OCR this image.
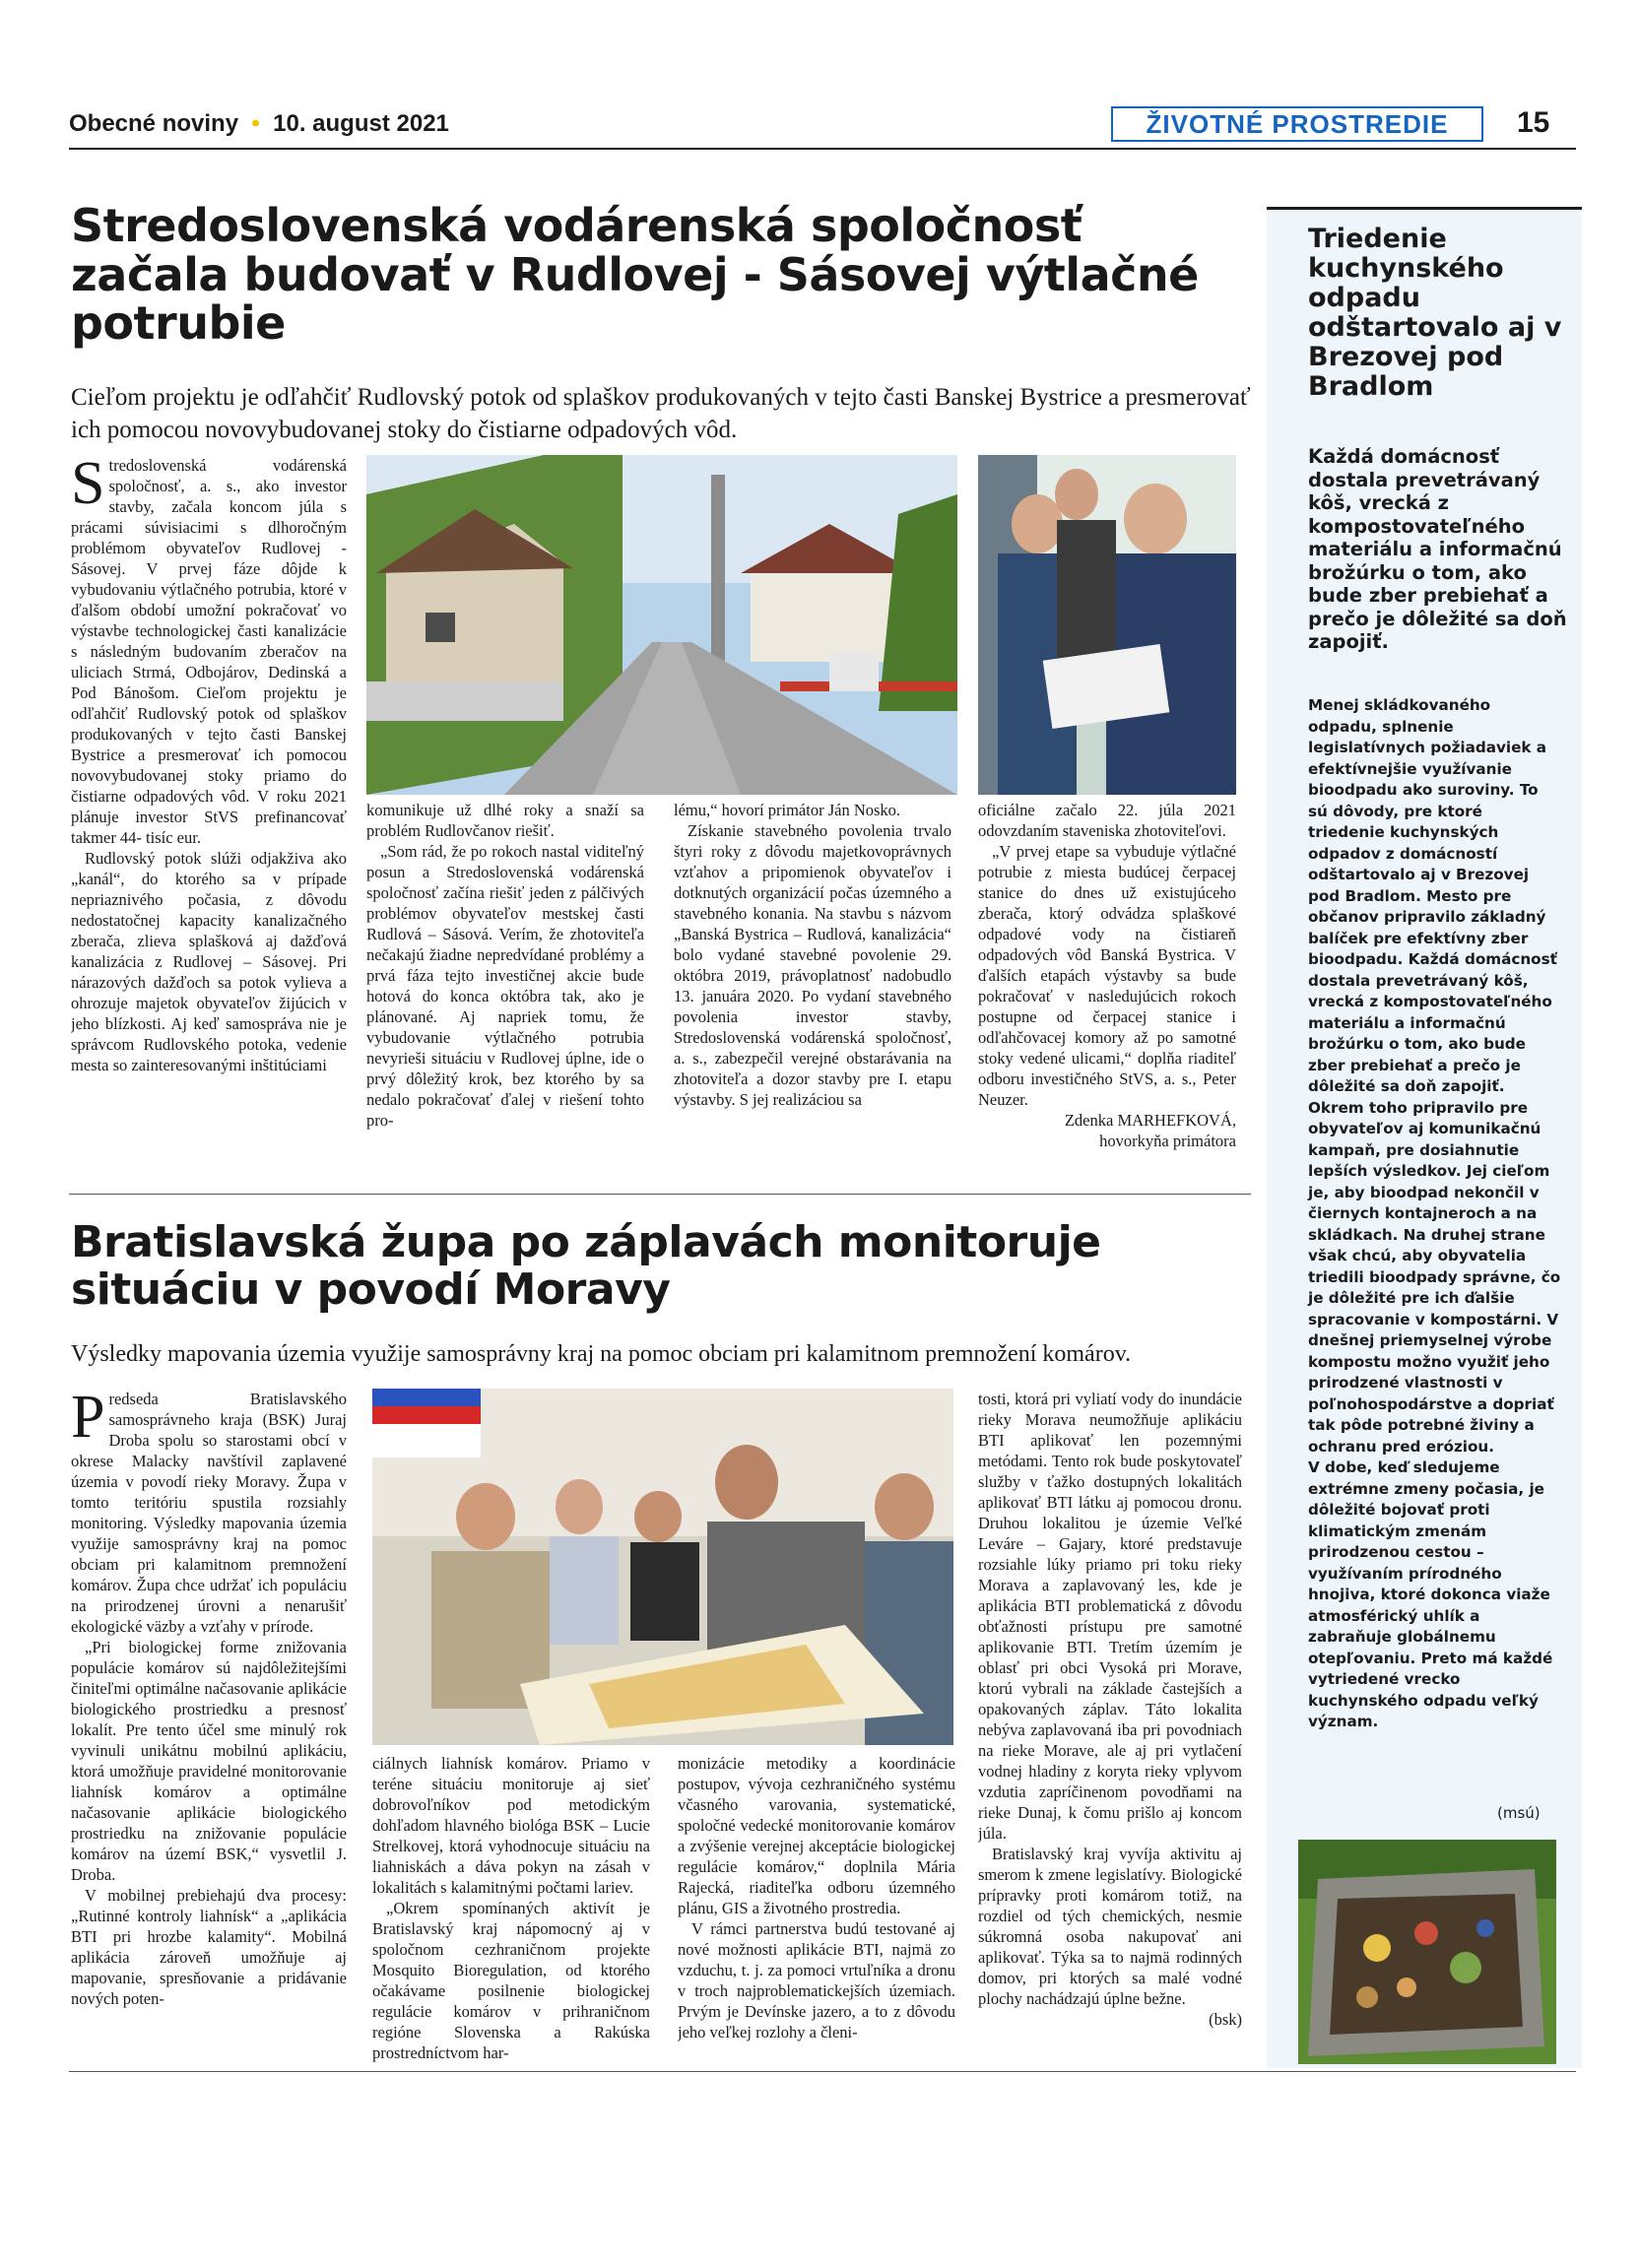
Obecné noviny  •  10. august 2021	ŽIVOTNÉ PROSTREDIE	15
Stredoslovenská vodárenská spoločnosť začala budovať v Rudlovej - Sásovej výtlačné potrubie

Cieľom projektu je odľahčiť Rudlovský potok od splaškov produkovaných v tejto časti Banskej Bystrice a presmerovať ich pomocou novovybudovanej stoky do čistiarne odpadových vôd.

Stredoslovenská vodárenská spoločnosť, a. s., ako investor stavby, začala koncom júla s prácami súvisiacimi s dlhoročným problémom obyvateľov Rudlovej - Sásovej. V prvej fáze dôjde k vybudovaniu výtlačného potrubia, ktoré v ďalšom období umožní pokračovať vo výstavbe technologickej časti kanalizácie s následným budovaním zberačov na uliciach Strmá, Odbojárov, Dedinská a Pod Bánošom. Cieľom projektu je odľahčiť Rudlovský potok od splaškov produkovaných v tejto časti Banskej Bystrice a presmerovať ich pomocou novovybudovanej stoky priamo do čistiarne odpadových vôd. V roku 2021 plánuje investor StVS prefinancovať takmer 44- tisíc eur.

Rudlovský potok slúži odjakživa ako „kanál“, do ktorého sa v prípade nepriaznivého počasia, z dôvodu nedostatočnej kapacity kanalizačného zberača, zlieva splašková aj dažďová kanalizácia z Rudlovej – Sásovej. Pri nárazových dažďoch sa potok vylieva a ohrozuje majetok obyvateľov žijúcich v jeho blízkosti. Aj keď samospráva nie je správcom Rudlovského potoka, vedenie mesta so zainteresovanými inštitúciami

komunikuje už dlhé roky a snaží sa problém Rudlovčanov riešiť.

„Som rád, že po rokoch nastal viditeľný posun a Stredoslovenská vodárenská spoločnosť začína riešiť jeden z pálčivých problémov obyvateľov mestskej časti Rudlová – Sásová. Verím, že zhotoviteľa nečakajú žiadne nepredvídané problémy a prvá fáza tejto investičnej akcie bude hotová do konca októbra tak, ako je plánované. Aj napriek tomu, že vybudovanie výtlačného potrubia nevyrieši situáciu v Rudlovej úplne, ide o prvý dôležitý krok, bez ktorého by sa nedalo pokračovať ďalej v riešení tohto pro-

lému,“ hovorí primátor Ján Nosko.

Získanie stavebného povolenia trvalo štyri roky z dôvodu majetkovoprávnych vzťahov a pripomienok obyvateľov i dotknutých organizácií počas územného a stavebného konania. Na stavbu s názvom „Banská Bystrica – Rudlová, kanalizácia“ bolo vydané stavebné povolenie 29. októbra 2019, právoplatnosť nadobudlo 13. januára 2020. Po vydaní stavebného povolenia investor stavby, Stredoslovenská vodárenská spoločnosť, a. s., zabezpečil verejné obstarávania na zhotoviteľa a dozor stavby pre I. etapu výstavby. S jej realizáciou sa

oficiálne začalo 22. júla 2021 odovzdaním staveniska zhotoviteľovi.

„V prvej etape sa vybuduje výtlačné potrubie z miesta budúcej čerpacej stanice do dnes už existujúceho zberača, ktorý odvádza splaškové odpadové vody na čistiareň odpadových vôd Banská Bystrica. V ďalších etapách výstavby sa bude pokračovať v nasledujúcich rokoch postupne od čerpacej stanice i odľahčovacej komory až po samotné stoky vedené ulicami,“ doplňa riaditeľ odboru investičného StVS, a. s., Peter Neuzer.

Zdenka MARHEFKOVÁ,

hovorkyňa primátora

Bratislavská župa po záplavách monitoruje situáciu v povodí Moravy

Výsledky mapovania územia využije samosprávny kraj na pomoc obciam pri kalamitnom premnožení komárov.

Predseda Bratislavského samosprávneho kraja (BSK) Juraj Droba spolu so starostami obcí v okrese Malacky navštívil zaplavené územia v povodí rieky Moravy. Župa v tomto teritóriu spustila rozsiahly monitoring. Výsledky mapovania územia využije samosprávny kraj na pomoc obciam pri kalamitnom premnožení komárov. Župa chce udržať ich populáciu na prirodzenej úrovni a nenarušiť ekologické väzby a vzťahy v prírode.

„Pri biologickej forme znižovania populácie komárov sú najdôležitejšími činiteľmi optimálne načasovanie aplikácie biologického prostriedku a presnosť lokalít. Pre tento účel sme minulý rok vyvinuli unikátnu mobilnú aplikáciu, ktorá umožňuje pravidelné monitorovanie liahnísk komárov a optimálne načasovanie aplikácie biologického prostriedku na znižovanie populácie komárov na území BSK,“ vysvetlil J. Droba.

V mobilnej prebiehajú dva procesy: „Rutinné kontroly liahnísk“ a „aplikácia BTI pri hrozbe kalamity“. Mobilná aplikácia zároveň umožňuje aj mapovanie, spresňovanie a pridávanie nových poten-

ciálnych liahnísk komárov. Priamo v teréne situáciu monitoruje aj sieť dobrovoľníkov pod metodickým dohľadom hlavného biológa BSK – Lucie Strelkovej, ktorá vyhodnocuje situáciu na liahniskách a dáva pokyn na zásah v lokalitách s kalamitnými počtami lariev.

„Okrem spomínaných aktivít je Bratislavský kraj nápomocný aj v spoločnom cezhraničnom projekte Mosquito Bioregulation, od ktorého očakávame posilnenie biologickej regulácie komárov v prihraničnom regióne Slovenska a Rakúska prostredníctvom har-

monizácie metodiky a koordinácie postupov, vývoja cezhraničného systému včasného varovania, systematické, spoločné vedecké monitorovanie komárov a zvýšenie verejnej akceptácie biologickej regulácie komárov,“ doplnila Mária Rajecká, riaditeľka odboru územného plánu, GIS a životného prostredia.

V rámci partnerstva budú testované aj nové možnosti aplikácie BTI, najmä zo vzduchu, t. j. za pomoci vrtuľníka a dronu v troch najproblematickejších územiach. Prvým je Devínske jazero, a to z dôvodu jeho veľkej rozlohy a členi-

tosti, ktorá pri vyliatí vody do inundácie rieky Morava neumožňuje aplikáciu BTI aplikovať len pozemnými metódami. Tento rok bude poskytovateľ služby v ťažko dostupných lokalitách aplikovať BTI látku aj pomocou dronu. Druhou lokalitou je územie Veľké Leváre – Gajary, ktoré predstavuje rozsiahle lúky priamo pri toku rieky Morava a zaplavovaný les, kde je aplikácia BTI problematická z dôvodu obťažnosti prístupu pre samotné aplikovanie BTI. Tretím územím je oblasť pri obci Vysoká pri Morave, ktorú vybrali na základe častejších a opakovaných záplav. Táto lokalita nebýva zaplavovaná iba pri povodniach na rieke Morave, ale aj pri vytlačení vodnej hladiny z koryta rieky vplyvom vzdutia zapríčinenom povodňami na rieke Dunaj, k čomu prišlo aj koncom júla.

Bratislavský kraj vyvíja aktivitu aj smerom k zmene legislatívy. Biologické prípravky proti komárom totiž, na rozdiel od tých chemických, nesmie súkromná osoba nakupovať ani aplikovať. Týka sa to najmä rodinných domov, pri ktorých sa malé vodné plochy nachádzajú úplne bežne.

(bsk)

Triedenie kuchynského odpadu odštartovalo aj v Brezovej pod Bradlom

Každá domácnosť dostala prevetrávaný kôš, vrecká z kompostovateľného materiálu a informačnú brožúrku o tom, ako bude zber prebiehať a prečo je dôležité sa doň zapojiť.

Menej skládkovaného odpadu, splnenie legislatívnych požiadaviek a efektívnejšie využívanie bioodpadu ako suroviny. To sú dôvody, pre ktoré triedenie kuchynských odpadov z domácností odštartovalo aj v Brezovej pod Bradlom. Mesto pre občanov pripravilo základný balíček pre efektívny zber bioodpadu. Každá domácnosť dostala prevetrávaný kôš, vrecká z kompostovateľného materiálu a informačnú brožúrku o tom, ako bude zber prebiehať a prečo je dôležité sa doň zapojiť. Okrem toho pripravilo pre obyvateľov aj komunikačnú kampaň, pre dosiahnutie lepších výsledkov. Jej cieľom je, aby bioodpad nekončil v čiernych kontajneroch a na skládkach. Na druhej strane však chcú, aby obyvatelia triedili bioodpady správne, čo je dôležité pre ich ďalšie spracovanie v kompostárni. V dnešnej priemyselnej výrobe kompostu možno využiť jeho prirodzené vlastnosti v poľnohospodárstve a dopriať tak pôde potrebné živiny a ochranu pred eróziou.

V dobe, keď sledujeme extrémne zmeny počasia, je dôležité bojovať proti klimatickým zmenám prirodzenou cestou – využívaním prírodného hnojiva, ktoré dokonca viaže atmosférický uhlík a zabraňuje globálnemu otepľovaniu. Preto má každé vytriedené vrecko kuchynského odpadu veľký význam.

(msú)
